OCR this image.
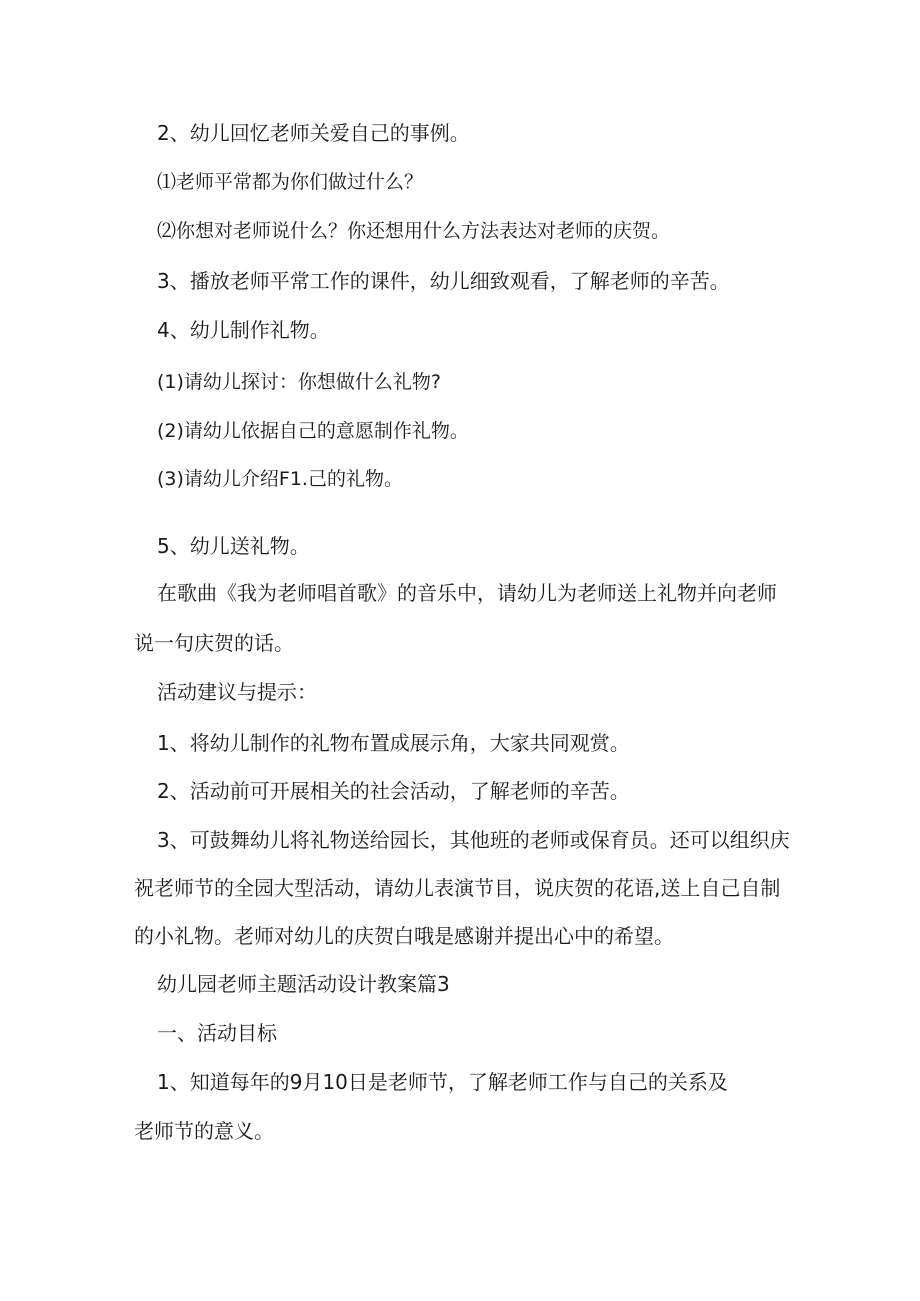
2、幼儿回忆老师关爱自己的事例。
⑴老师平常都为你们做过什么？
⑵你想对老师说什么？你还想用什么方法表达对老师的庆贺。
3、播放老师平常工作的课件，幼儿细致观看，了解老师的辛苦。
4、幼儿制作礼物。
(1)请幼儿探讨：你想做什么礼物?
(2)请幼儿依据自己的意愿制作礼物。
(3)请幼儿介绍F1.己的礼物。
5、幼儿送礼物。
在歌曲《我为老师唱首歌》的音乐中，请幼儿为老师送上礼物并向老师
说一句庆贺的话。
活动建议与提示：
1、将幼儿制作的礼物布置成展示角，大家共同观赏。
2、活动前可开展相关的社会活动，了解老师的辛苦。
3、可鼓舞幼儿将礼物送给园长，其他班的老师或保育员。还可以组织庆
祝老师节的全园大型活动，请幼儿表演节目，说庆贺的花语,送上自己自制
的小礼物。老师对幼儿的庆贺白哦是感谢并提出心中的希望。
幼儿园老师主题活动设计教案篇3
一、活动目标
1、知道每年的9月10日是老师节，了解老师工作与自己的关系及
老师节的意义。
